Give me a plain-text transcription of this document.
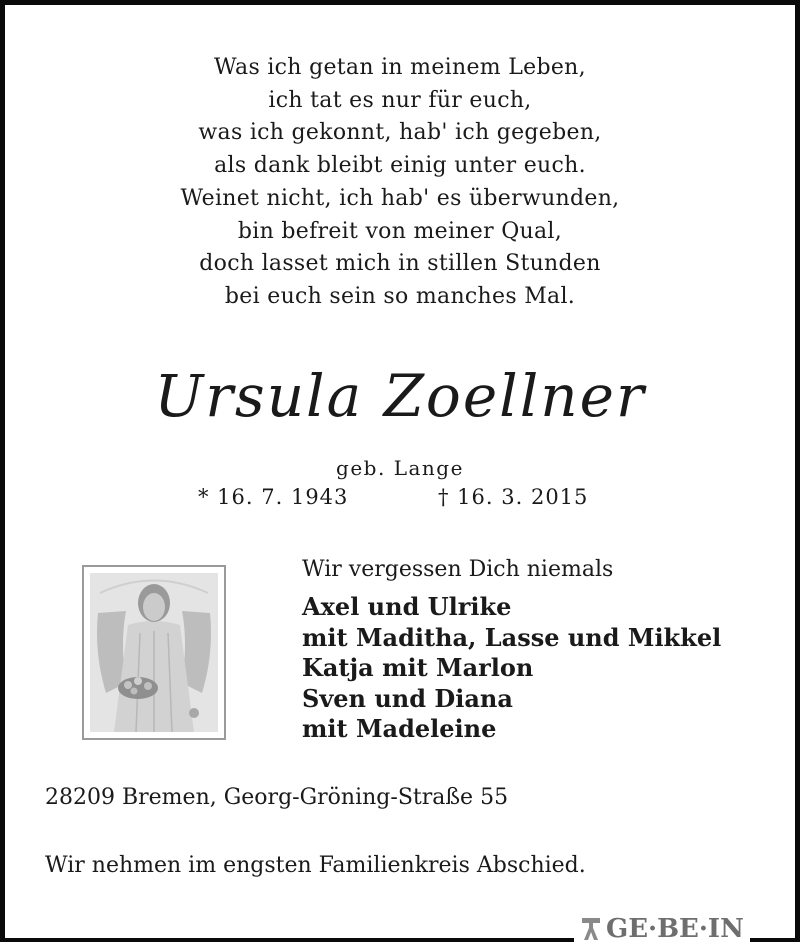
Was ich getan in meinem Leben,
ich tat es nur für euch,
was ich gekonnt, hab' ich gegeben,
als dank bleibt einig unter euch.
Weinet nicht, ich hab' es überwunden,
bin befreit von meiner Qual,
doch lasset mich in stillen Stunden
bei euch sein so manches Mal.
Ursula Zoellner
geb. Lange
* 16. 7. 1943	† 16. 3. 2015
Wir vergessen Dich niemals
Axel und Ulrike
mit Maditha, Lasse und Mikkel
Katja mit Marlon
Sven und Diana
mit Madeleine
28209 Bremen, Georg-Gröning-Straße 55
Wir nehmen im engsten Familienkreis Abschied.
GE·BE·IN
